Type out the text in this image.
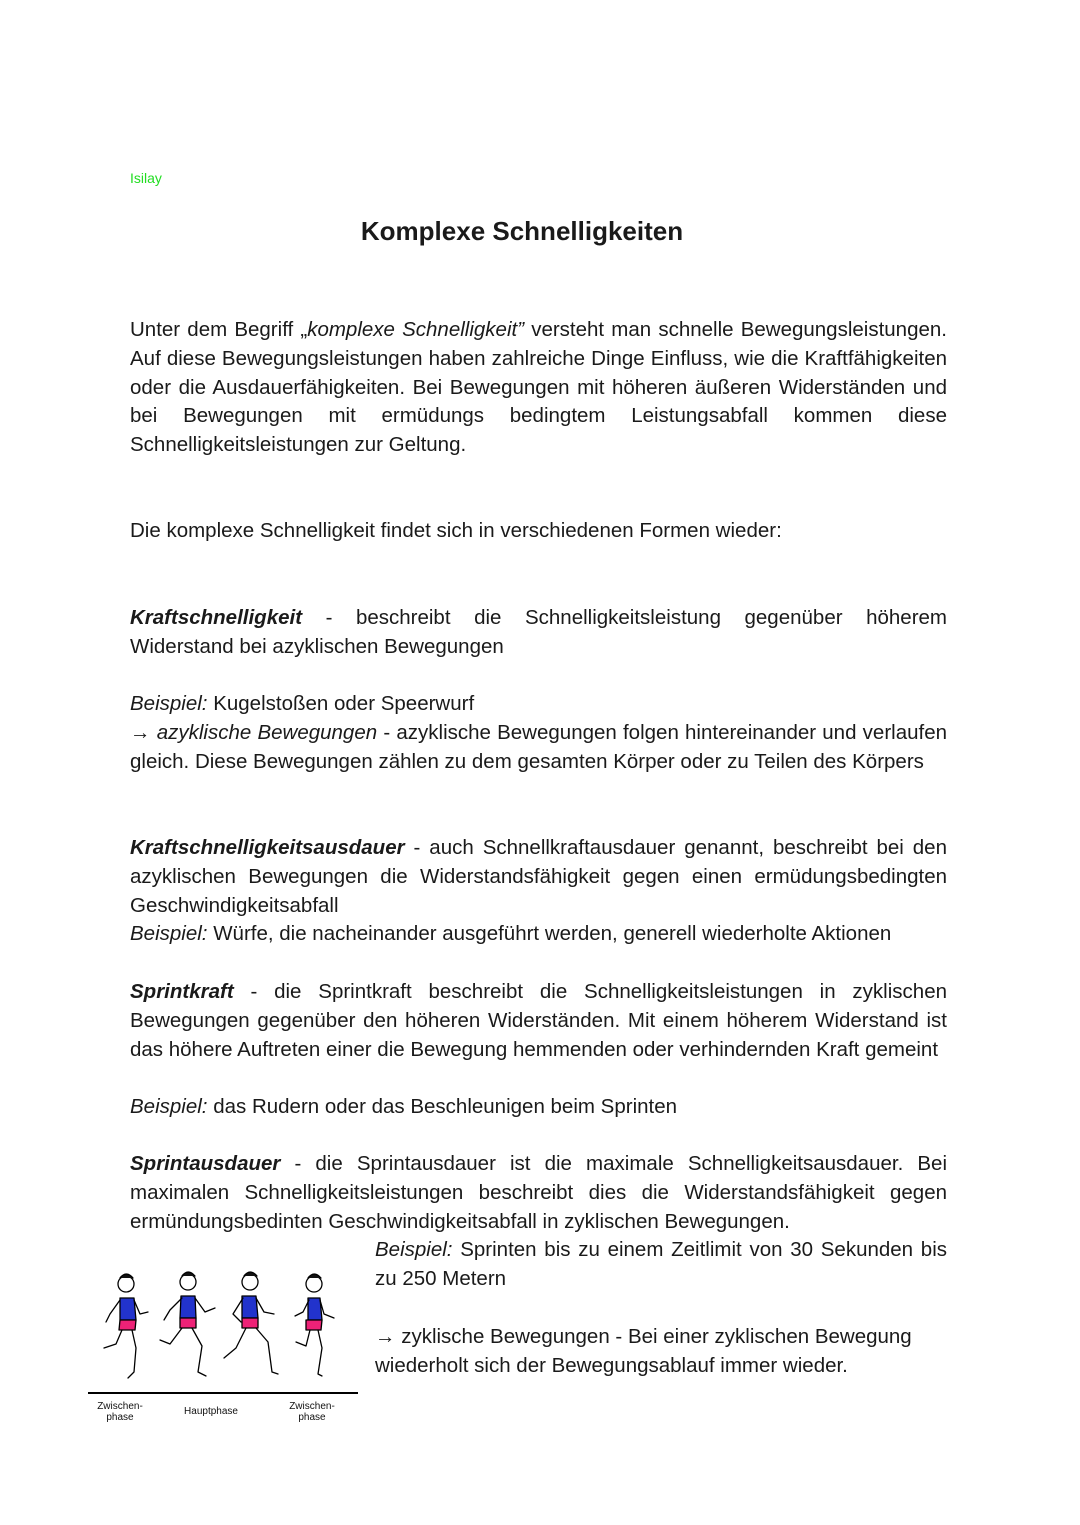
Isilay
Komplexe Schnelligkeiten

Unter dem Begriff „komplexe Schnelligkeit” versteht man schnelle Bewegungsleistungen. Auf diese Bewegungsleistungen haben zahlreiche Dinge Einfluss, wie die Kraftfähigkeiten oder die Ausdauerfähigkeiten. Bei Bewegungen mit höheren äußeren Widerständen und bei Bewegungen mit ermüdungs bedingtem Leistungsabfall kommen diese Schnelligkeitsleistungen zur Geltung.

Die komplexe Schnelligkeit findet sich in verschiedenen Formen wieder:

Kraftschnelligkeit - beschreibt die Schnelligkeitsleistung gegenüber höherem Widerstand bei azyklischen Bewegungen
Beispiel: Kugelstoßen oder Speerwurf
→ azyklische Bewegungen - azyklische Bewegungen folgen hintereinander und verlaufen gleich. Diese Bewegungen zählen zu dem gesamten Körper oder zu Teilen des Körpers
Kraftschnelligkeitsausdauer - auch Schnellkraftausdauer genannt, beschreibt bei den azyklischen Bewegungen die Widerstandsfähigkeit gegen einen ermüdungsbedingten Geschwindigkeitsabfall
Beispiel: Würfe, die nacheinander ausgeführt werden, generell wiederholte Aktionen
Sprintkraft - die Sprintkraft beschreibt die Schnelligkeitsleistungen in zyklischen Bewegungen gegenüber den höheren Widerständen. Mit einem höherem Widerstand ist das höhere Auftreten einer die Bewegung hemmenden oder verhindernden Kraft gemeint
Beispiel: das Rudern oder das Beschleunigen beim Sprinten
Sprintausdauer - die Sprintausdauer ist die maximale Schnelligkeitsausdauer. Bei maximalen Schnelligkeitsleistungen beschreibt dies die Widerstandsfähigkeit gegen ermündungsbedinten Geschwindigkeitsabfall in zyklischen Bewegungen.
Beispiel: Sprinten bis zu einem Zeitlimit von 30 Sekunden bis zu 250 Metern
→ zyklische Bewegungen - Bei einer zyklischen Bewegung wiederholt sich der Bewegungsablauf immer wieder.
Zwischen-
phase
Hauptphase	Zwischen-
phase
